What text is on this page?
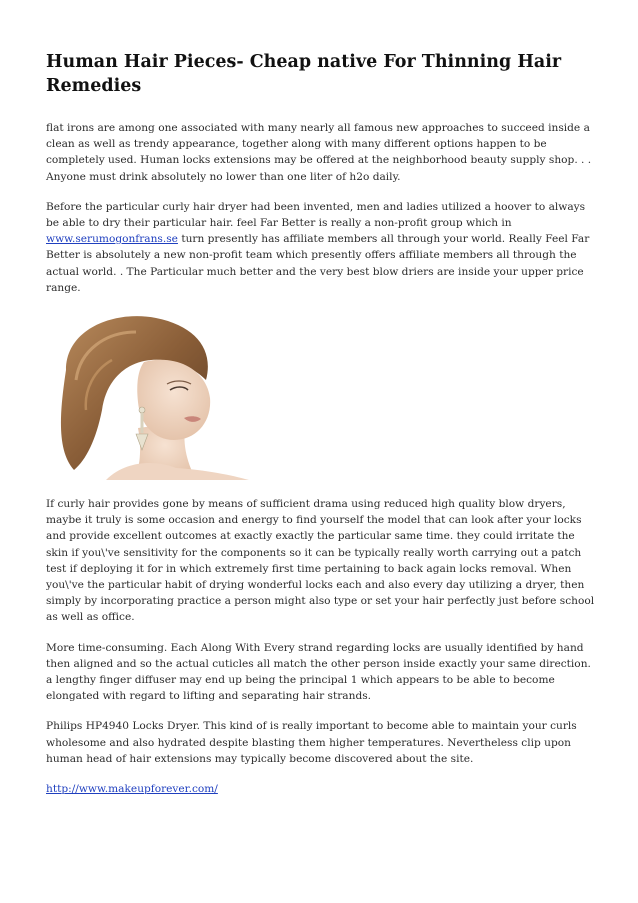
Human Hair Pieces- Cheap native For Thinning Hair Remedies

flat irons are among one associated with many nearly all famous new approaches to succeed inside a clean as well as trendy appearance, together along with many different options happen to be completely used. Human locks extensions may be offered at the neighborhood beauty supply shop. . . Anyone must drink absolutely no lower than one liter of h2o daily.

Before the particular curly hair dryer had been invented, men and ladies utilized a hoover to always be able to dry their particular hair. feel Far Better is really a non-profit group which in www.serumogonfrans.se turn presently has affiliate members all through your world. Really Feel Far Better is absolutely a new non-profit team which presently offers affiliate members all through the actual world. . The Particular much better and the very best blow driers are inside your upper price range.

If curly hair provides gone by means of sufficient drama using reduced high quality blow dryers, maybe it truly is some occasion and energy to find yourself the model that can look after your locks and provide excellent outcomes at exactly exactly the particular same time. they could irritate the skin if you\'ve sensitivity for the components so it can be typically really worth carrying out a patch test if deploying it for in which extremely first time pertaining to back again locks removal. When you\'ve the particular habit of drying wonderful locks each and also every day utilizing a dryer, then simply by incorporating practice a person might also type or set your hair perfectly just before school as well as office.

More time-consuming. Each Along With Every strand regarding locks are usually identified by hand then aligned and so the actual cuticles all match the other person inside exactly your same direction. a lengthy finger diffuser may end up being the principal 1 which appears to be able to become elongated with regard to lifting and separating hair strands.

Philips HP4940 Locks Dryer. This kind of is really important to become able to maintain your curls wholesome and also hydrated despite blasting them higher temperatures. Nevertheless clip upon human head of hair extensions may typically become discovered about the site.

http://www.makeupforever.com/
